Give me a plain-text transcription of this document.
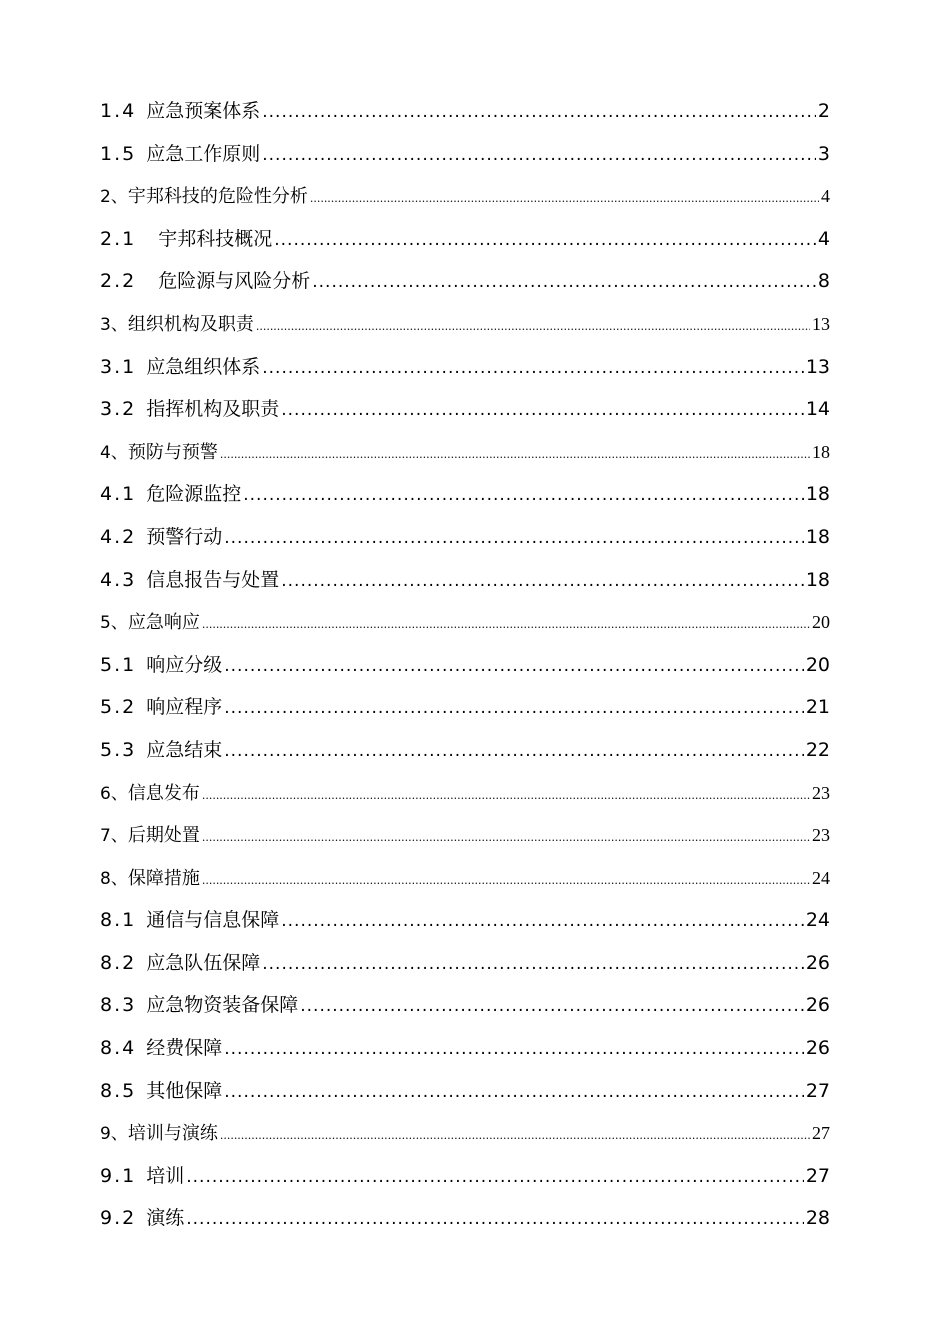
1.4 应急预案体系 .....	2
1.5 应急工作原则 .....	3
2、 宇邦科技的危险性分析 .....	4
2.1	宇邦科技概况 .....	4
2.2	危险源与风险分析 .....	8
3、 组织机构及职责 .....	13
3.1 应急组织体系 .....	13
3.2 指挥机构及职责 .....	14
4、 预防与预警 .....	18
4.1 危险源监控 .....	18
4.2 预警行动 .....	18
4.3 信息报告与处置 .....	18
5、 应急响应 .....	20
5.1 响应分级 .....	20
5.2 响应程序 .....	21
5.3 应急结束 .....	22
6、 信息发布 .....	23
7、 后期处置 .....	23
8、 保障措施 .....	24
8.1 通信与信息保障 .....	24
8.2 应急队伍保障 .....	26
8.3 应急物资装备保障 .....	26
8.4 经费保障 .....	26
8.5 其他保障 .....	27
9、 培训与演练 .....	27
9.1 培训 .....	27
9.2 演练 .....	28
